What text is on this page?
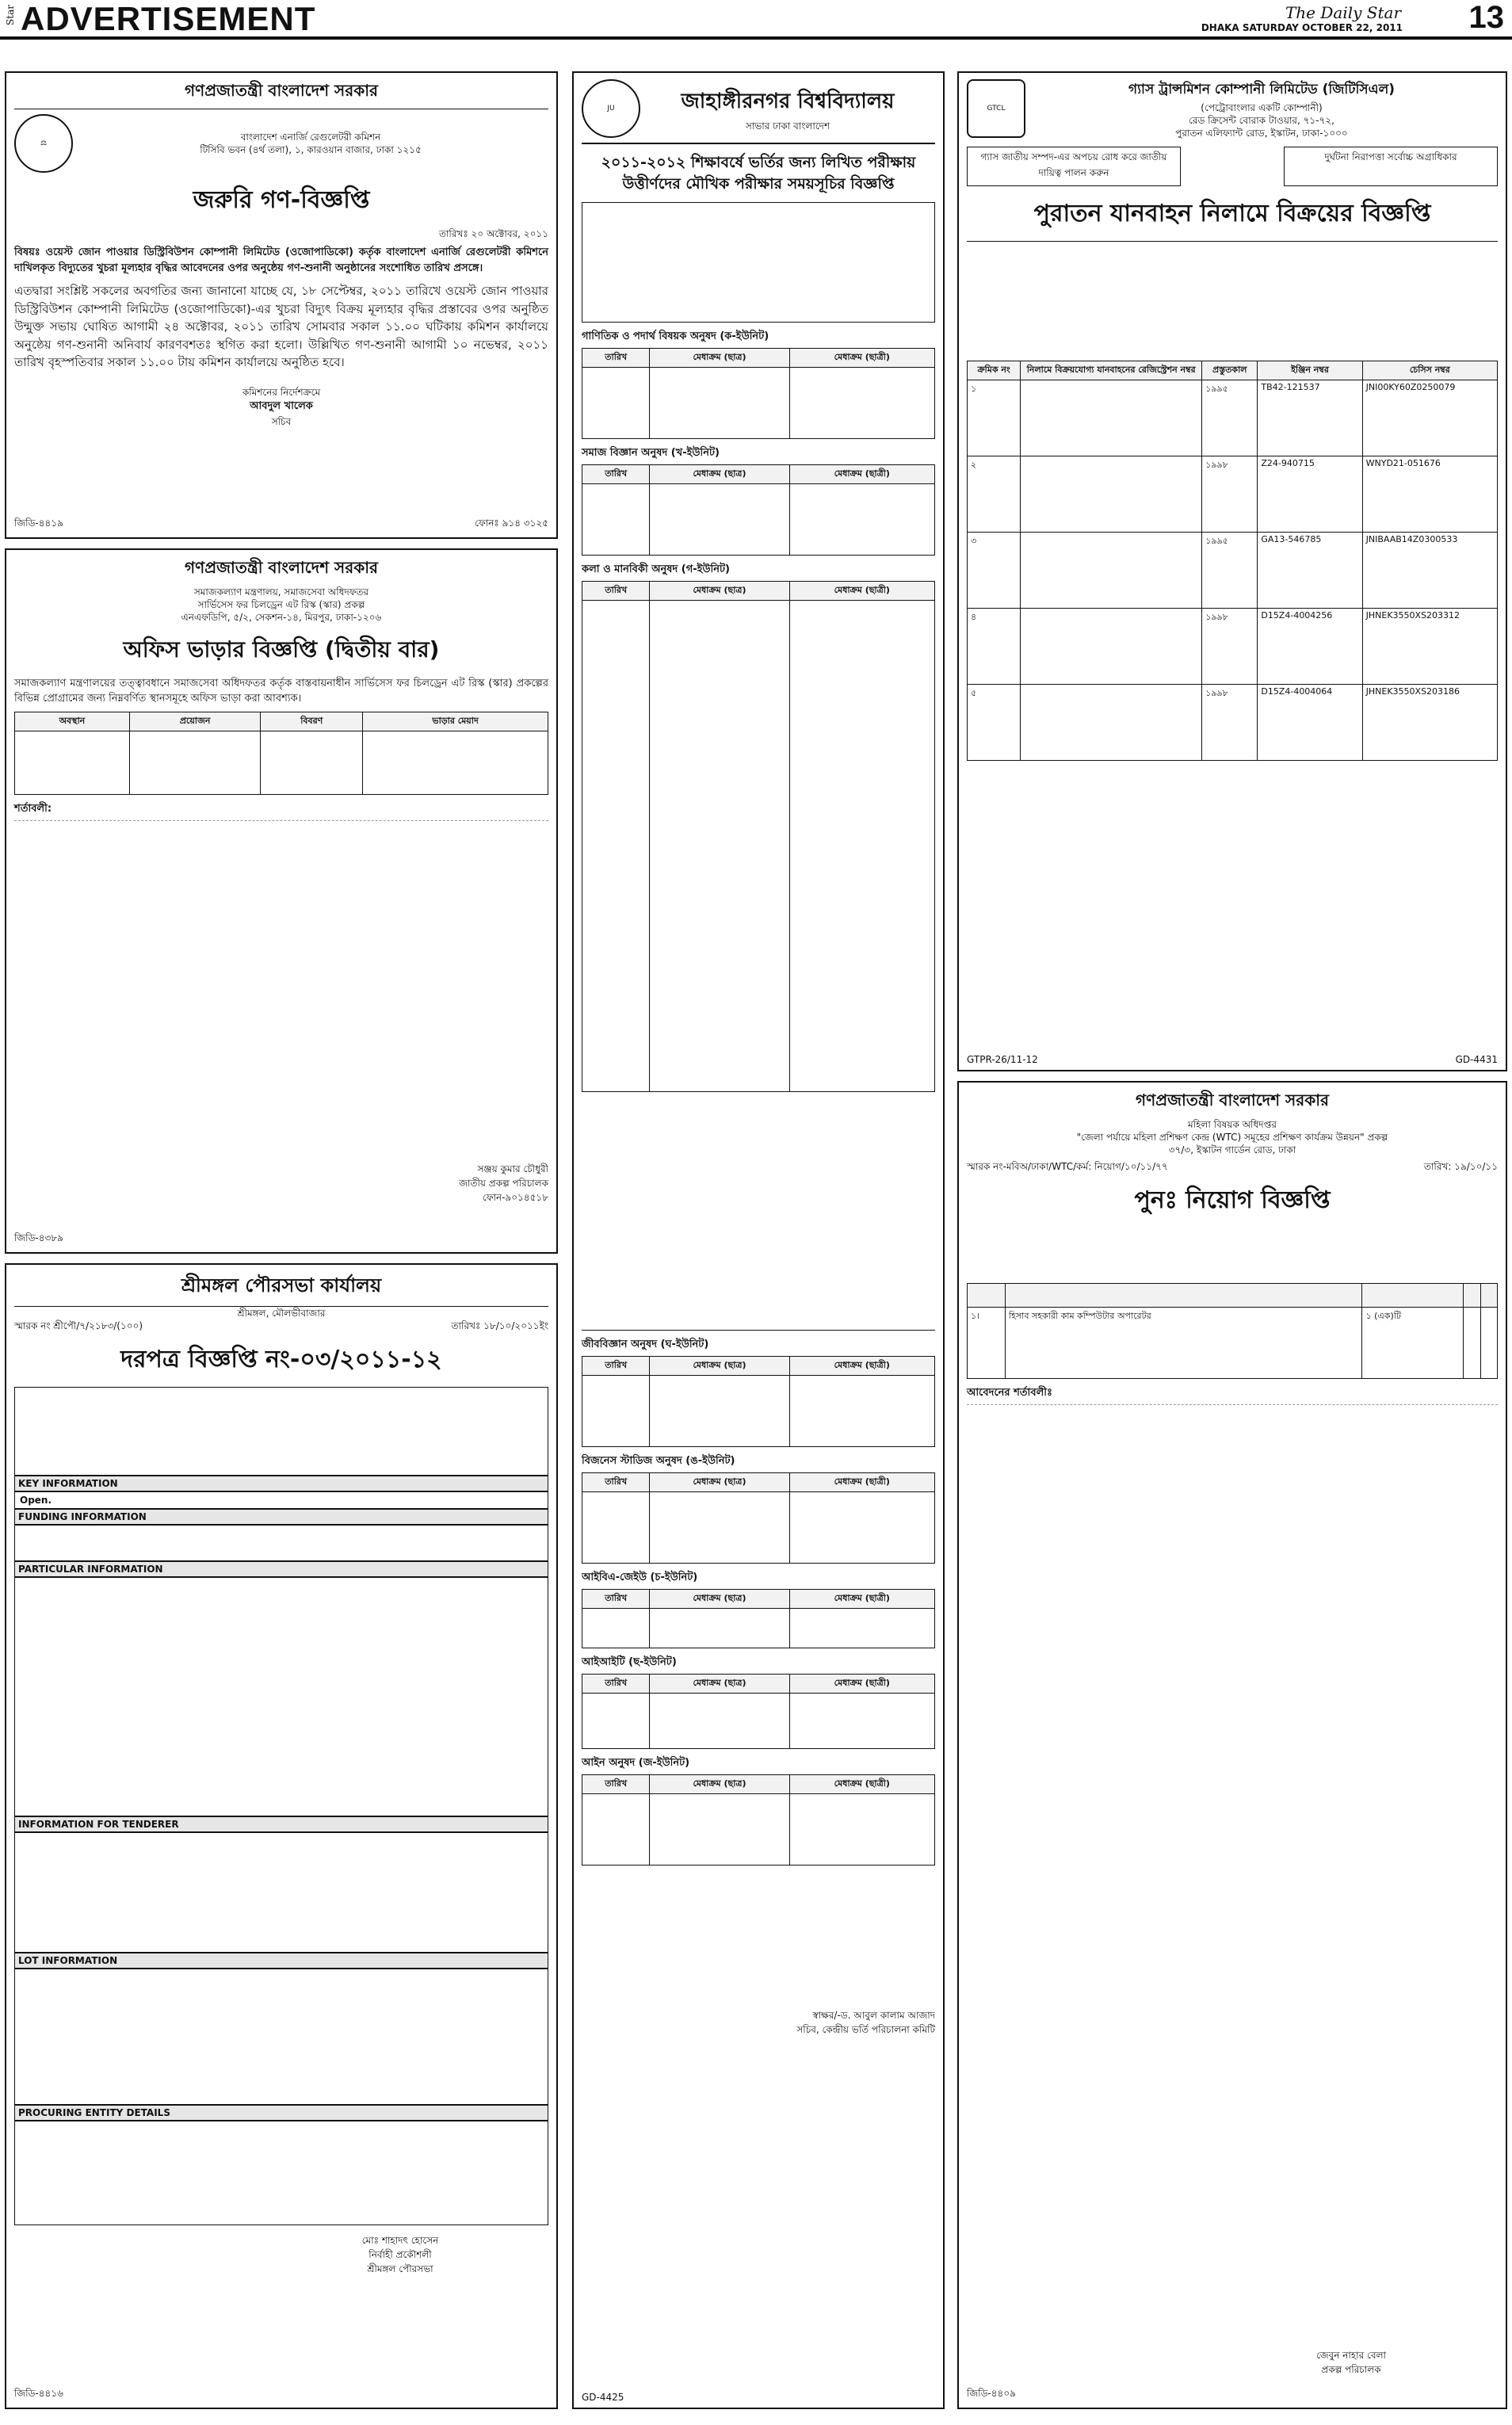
Star ADVERTISEMENT	The Daily Star
DHAKA SATURDAY OCTOBER 22, 2011 13
গণপ্রজাতন্ত্রী বাংলাদেশ সরকার
⚖
বাংলাদেশ এনার্জি রেগুলেটরী কমিশন
টিসিবি ভবন (৪র্থ তলা), ১, কারওয়ান বাজার, ঢাকা ১২১৫
জরুরি গণ-বিজ্ঞপ্তি
তারিখঃ ২০ অক্টোবর, ২০১১
বিষয়ঃ ওয়েস্ট জোন পাওয়ার ডিস্ট্রিবিউশন কোম্পানী লিমিটেড (ওজোপাডিকো) কর্তৃক বাংলাদেশ এনার্জি রেগুলেটরী কমিশনে দাখিলকৃত বিদ্যুতের খুচরা মূল্যহার বৃদ্ধির আবেদনের ওপর অনুষ্ঠেয় গণ-শুনানী অনুষ্ঠানের সংশোধিত তারিখ প্রসঙ্গে।
এতদ্বারা সংশ্লিষ্ট সকলের অবগতির জন্য জানানো যাচ্ছে যে, ১৮ সেপ্টেম্বর, ২০১১ তারিখে ওয়েস্ট জোন পাওয়ার ডিস্ট্রিবিউশন কোম্পানী লিমিটেড (ওজোপাডিকো)-এর খুচরা বিদ্যুৎ বিক্রয় মূল্যহার বৃদ্ধির প্রস্তাবের ওপর অনুষ্ঠিত উন্মুক্ত সভায় ঘোষিত আগামী ২৪ অক্টোবর, ২০১১ তারিখ সোমবার সকাল ১১.০০ ঘটিকায় কমিশন কার্যালয়ে অনুষ্ঠেয় গণ-শুনানী অনিবার্য কারণবশতঃ স্থগিত করা হলো। উল্লিখিত গণ-শুনানী আগামী ১০ নভেম্বর, ২০১১ তারিখ বৃহস্পতিবার সকাল ১১.০০ টায় কমিশন কার্যালয়ে অনুষ্ঠিত হবে।
কমিশনের নির্দেশক্রমে
আবদুল খালেক
সচিব
জিডি-৪৪১৯	ফোনঃ ৯১৪ ৩১২৫
গণপ্রজাতন্ত্রী বাংলাদেশ সরকার
সমাজকল্যাণ মন্ত্রণালয়, সমাজসেবা অধিদফতর
সার্ভিসেস ফর চিলড্রেন এট রিস্ক (স্কার) প্রকল্প
এনএফডিপি, ৫/২, সেকশন-১৪, মিরপুর, ঢাকা-১২০৬
অফিস ভাড়ার বিজ্ঞপ্তি (দ্বিতীয় বার)
সমাজকল্যাণ মন্ত্রণালয়ের তত্ত্বাবধানে সমাজসেবা অধিদফতর কর্তৃক বাস্তবায়নাধীন সার্ভিসেস ফর চিলড্রেন এট রিস্ক (স্কার) প্রকল্পের বিভিন্ন প্রোগ্রামের জন্য নিম্নবর্ণিত স্থানসমূহে অফিস ভাড়া করা আবশ্যক।
অবস্থান	প্রয়োজন	বিবরণ	ভাড়ার মেয়াদ

শর্তাবলী:
সঞ্জয় কুমার চৌধুরী
জাতীয় প্রকল্প পরিচালক
ফোন-৯০১৪৫১৮
জিডি-৪৩৮৯
শ্রীমঙ্গল পৌরসভা কার্যালয়
শ্রীমঙ্গল, মৌলভীবাজার
স্মারক নং শ্রীপৌ/৭/২১৮৩/(১০০)	তারিখঃ ১৮/১০/২০১১ইং
দরপত্র বিজ্ঞপ্তি নং-০৩/২০১১-১২
KEY INFORMATION
Open.
FUNDING INFORMATION
PARTICULAR INFORMATION
INFORMATION FOR TENDERER
LOT INFORMATION
PROCURING ENTITY DETAILS
মোঃ শাহাদৎ হোসেন
নির্বাহী প্রকৌশলী
শ্রীমঙ্গল পৌরসভা
জিডি-৪৪১৬
JU	জাহাঙ্গীরনগর বিশ্ববিদ্যালয়
সাভার ঢাকা বাংলাদেশ
২০১১-২০১২ শিক্ষাবর্ষে ভর্তির জন্য লিখিত পরীক্ষায় উত্তীর্ণদের মৌখিক পরীক্ষার সময়সূচির বিজ্ঞপ্তি
গাণিতিক ও পদার্থ বিষয়ক অনুষদ (ক-ইউনিট)
তারিখ	মেধাক্রম (ছাত্র)	মেধাক্রম (ছাত্রী)

সমাজ বিজ্ঞান অনুষদ (খ-ইউনিট)
তারিখ	মেধাক্রম (ছাত্র)	মেধাক্রম (ছাত্রী)

কলা ও মানবিকী অনুষদ (গ-ইউনিট)
তারিখ	মেধাক্রম (ছাত্র)	মেধাক্রম (ছাত্রী)

জীববিজ্ঞান অনুষদ (ঘ-ইউনিট)
তারিখ	মেধাক্রম (ছাত্র)	মেধাক্রম (ছাত্রী)

বিজনেস স্টাডিজ অনুষদ (ঙ-ইউনিট)
তারিখ	মেধাক্রম (ছাত্র)	মেধাক্রম (ছাত্রী)

আইবিএ-জেইউ (চ-ইউনিট)
তারিখ	মেধাক্রম (ছাত্র)	মেধাক্রম (ছাত্রী)

আইআইটি (ছ-ইউনিট)
তারিখ	মেধাক্রম (ছাত্র)	মেধাক্রম (ছাত্রী)

আইন অনুষদ (জ-ইউনিট)
তারিখ	মেধাক্রম (ছাত্র)	মেধাক্রম (ছাত্রী)

স্বাক্ষর/-ড. আবুল কালাম আজাদ
সচিব, কেন্দ্রীয় ভর্তি পরিচালনা কমিটি
GD-4425
GTCL
গ্যাস ট্রান্সমিশন কোম্পানী লিমিটেড (জিটিসিএল)
(পেট্রোবাংলার একটি কোম্পানী)
রেড ক্রিসেন্ট বোরাক টাওয়ার, ৭১-৭২,
পুরাতন এলিফ্যান্ট রোড, ইস্কাটন, ঢাকা-১০০০
গ্যাস জাতীয় সম্পদ-এর অপচয় রোধ করে জাতীয় দায়িত্ব পালন করুন
দুর্ঘটনা নিরাপত্তা সর্বোচ্চ অগ্রাধিকার
পুরাতন যানবাহন নিলামে বিক্রয়ের বিজ্ঞপ্তি
ক্রমিক নং	নিলামে বিক্রয়যোগ্য যানবাহনের রেজিস্ট্রেশন নম্বর	প্রস্তুতকাল	ইঞ্জিন নম্বর	চেসিস নম্বর
১		১৯৯৫	TB42-121537	JNI00KY60Z0250079
২		১৯৯৮	Z24-940715	WNYD21-051676
৩		১৯৯৫	GA13-546785	JNIBAAB14Z0300533
৪		১৯৯৮	D15Z4-4004256	JHNEK3550XS203312
৫		১৯৯৮	D15Z4-4004064	JHNEK3550XS203186
GTPR-26/11-12	GD-4431
গণপ্রজাতন্ত্রী বাংলাদেশ সরকার
মহিলা বিষয়ক অধিদপ্তর
"জেলা পর্যায়ে মহিলা প্রশিক্ষণ কেন্দ্র (WTC) সমূহের প্রশিক্ষণ কার্যক্রম উন্নয়ন" প্রকল্প
৩৭/৩, ইস্কাটন গার্ডেন রোড, ঢাকা
স্মারক নং-মবিঅ/ঢাকা/WTC/কর্ম: নিয়োগ/১০/১১/৭৭	তারিখ: ১৯/১০/১১
পুনঃ নিয়োগ বিজ্ঞপ্তি

১।	হিসাব সহকারী কাম কম্পিউটার অপারেটর	১ (এক)টি		
আবেদনের শর্তাবলীঃ
জেবুন নাহার বেলা
প্রকল্প পরিচালক
জিডি-৪৪০৯
